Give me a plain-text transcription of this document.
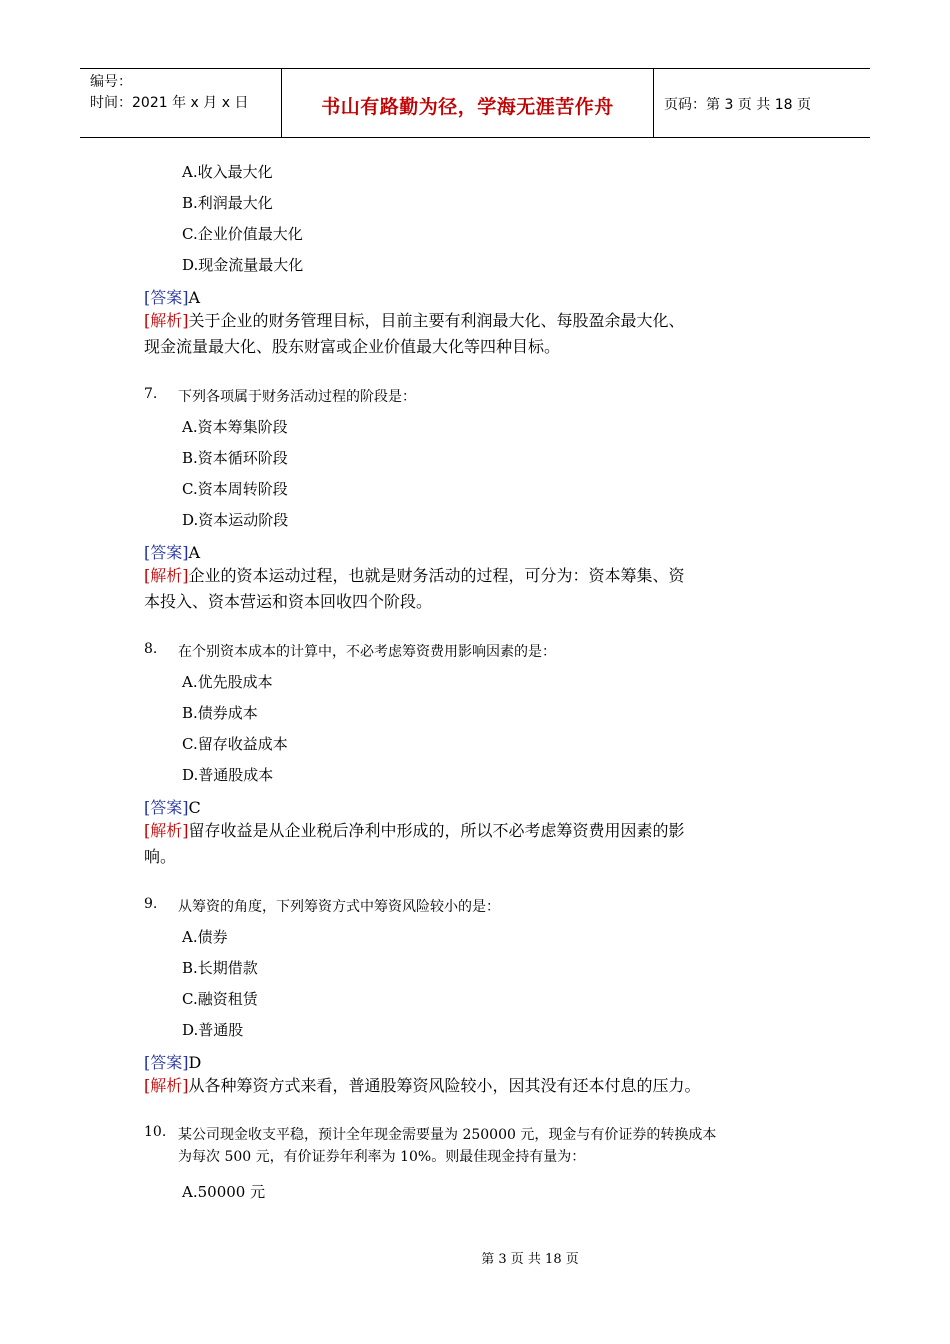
编号：
时间：2021 年 x 月 x 日	书山有路勤为径，学海无涯苦作舟	页码：第 3 页 共 18 页
A.收入最大化
B.利润最大化
C.企业价值最大化
D.现金流量最大化
[答案]A
[解析]关于企业的财务管理目标，目前主要有利润最大化、每股盈余最大化、
现金流量最大化、股东财富或企业价值最大化等四种目标。
7.	下列各项属于财务活动过程的阶段是：
A.资本筹集阶段
B.资本循环阶段
C.资本周转阶段
D.资本运动阶段
[答案]A
[解析]企业的资本运动过程，也就是财务活动的过程，可分为：资本筹集、资
本投入、资本营运和资本回收四个阶段。
8.	在个别资本成本的计算中，不必考虑筹资费用影响因素的是：
A.优先股成本
B.债券成本
C.留存收益成本
D.普通股成本
[答案]C
[解析]留存收益是从企业税后净利中形成的，所以不必考虑筹资费用因素的影
响。
9.	从筹资的角度，下列筹资方式中筹资风险较小的是：
A.债券
B.长期借款
C.融资租赁
D.普通股
[答案]D
[解析]从各种筹资方式来看，普通股筹资风险较小，因其没有还本付息的压力。
10. 某公司现金收支平稳，预计全年现金需要量为 250000 元，现金与有价证券的转换成本
为每次 500 元，有价证券年利率为 10%。则最佳现金持有量为：
A.50000 元
第 3 页 共 18 页
